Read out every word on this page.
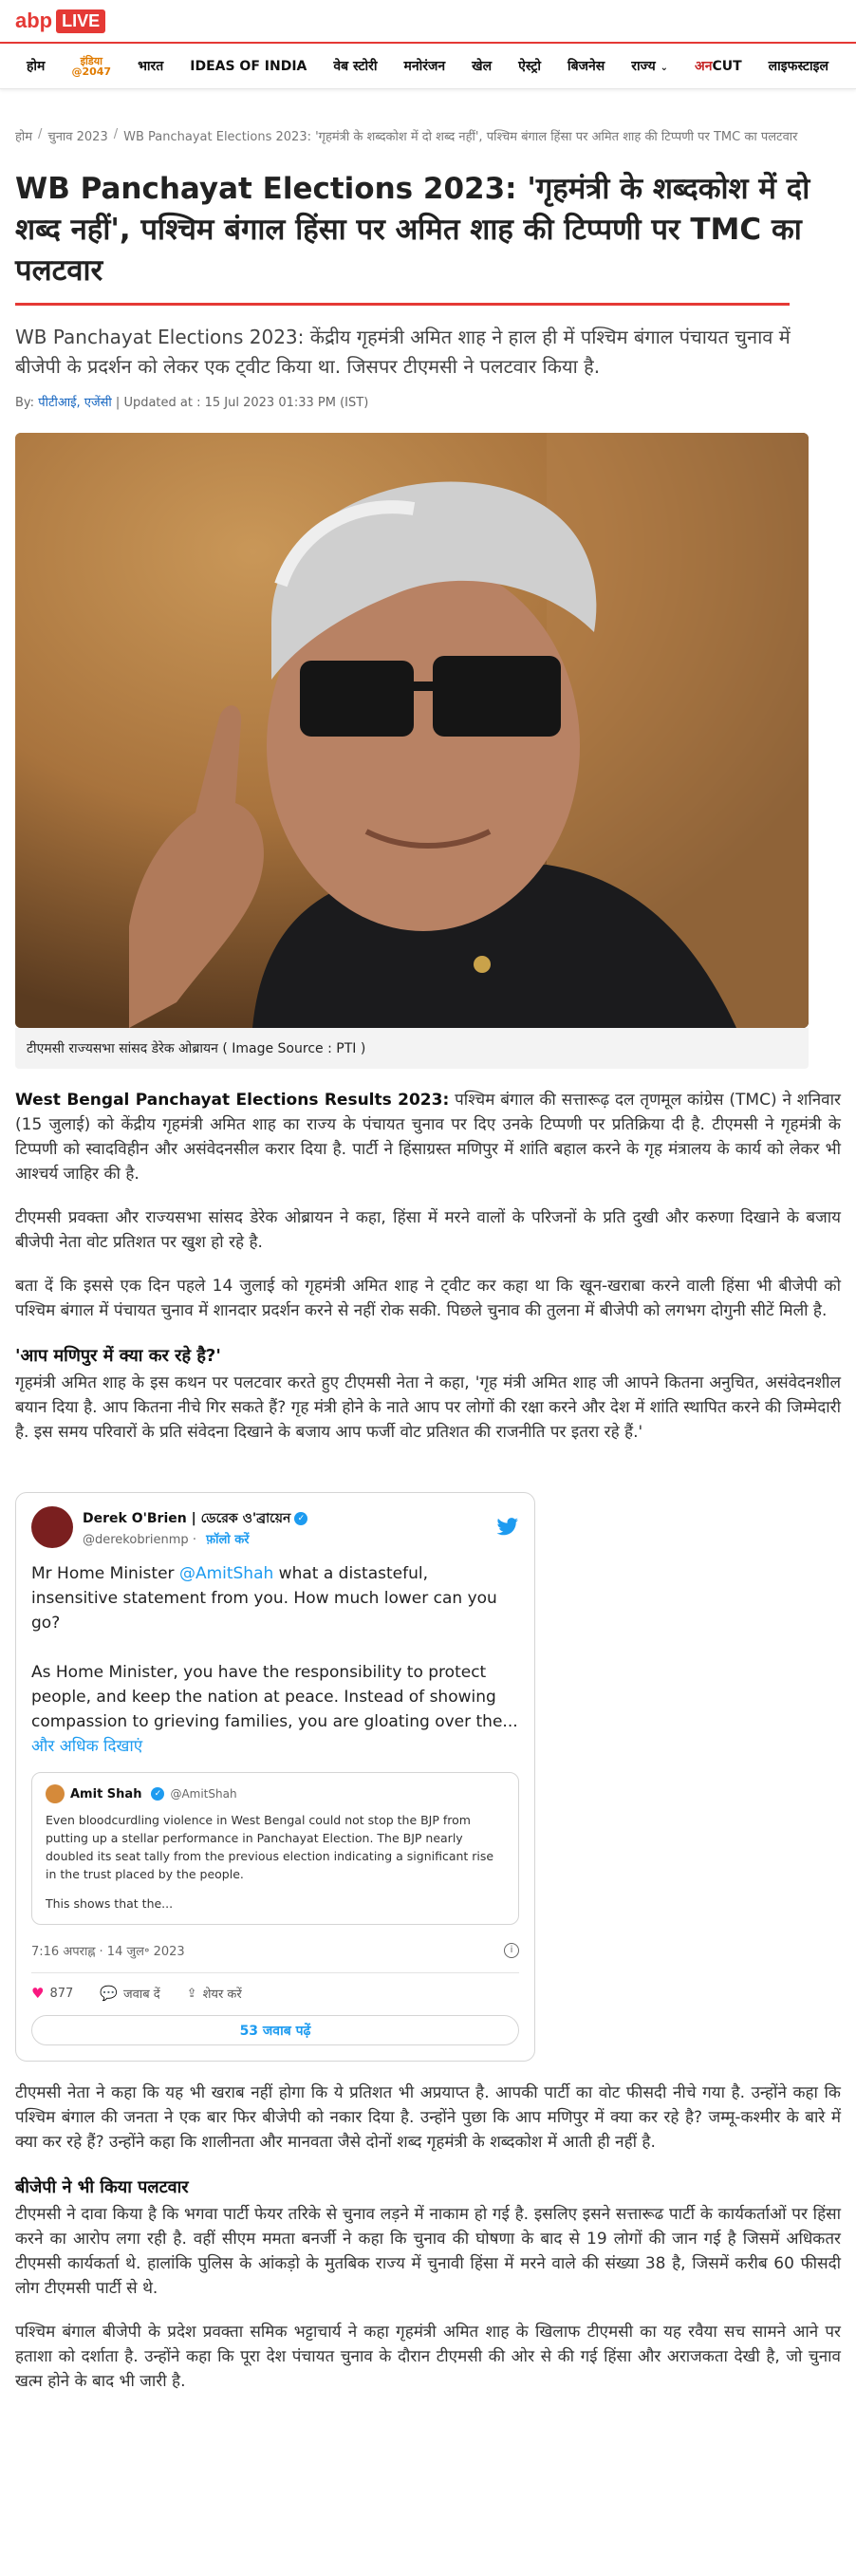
abp LIVE
होम	इंडिया
@2047 भारत IDEAS OF INDIA वेब स्टोरी मनोरंजन खेल ऐस्ट्रो बिजनेस राज्य ⌄ अनCUT लाइफस्टाइल
होम / चुनाव 2023 / WB Panchayat Elections 2023: 'गृहमंत्री के शब्दकोश में दो शब्द नहीं', पश्चिम बंगाल हिंसा पर अमित शाह की टिप्पणी पर TMC का पलटवार
WB Panchayat Elections 2023: 'गृहमंत्री के शब्दकोश में दो शब्द नहीं', पश्चिम बंगाल हिंसा पर अमित शाह की टिप्पणी पर TMC का पलटवार

WB Panchayat Elections 2023: केंद्रीय गृहमंत्री अमित शाह ने हाल ही में पश्चिम बंगाल पंचायत चुनाव में बीजेपी के प्रदर्शन को लेकर एक ट्वीट किया था. जिसपर टीएमसी ने पलटवार किया है.

By: पीटीआई, एजेंसी | Updated at : 15 Jul 2023 01:33 PM (IST)
टीएमसी राज्यसभा सांसद डेरेक ओब्रायन ( Image Source : PTI )

West Bengal Panchayat Elections Results 2023: पश्चिम बंगाल की सत्तारूढ़ दल तृणमूल कांग्रेस (TMC) ने शनिवार (15 जुलाई) को केंद्रीय गृहमंत्री अमित शाह का राज्य के पंचायत चुनाव पर दिए उनके टिप्पणी पर प्रतिक्रिया दी है. टीएमसी ने गृहमंत्री के टिप्पणी को स्वादविहीन और असंवेदनसील करार दिया है. पार्टी ने हिंसाग्रस्त मणिपुर में शांति बहाल करने के गृह मंत्रालय के कार्य को लेकर भी आश्चर्य जाहिर की है.

टीएमसी प्रवक्ता और राज्यसभा सांसद डेरेक ओब्रायन ने कहा, हिंसा में मरने वालों के परिजनों के प्रति दुखी और करुणा दिखाने के बजाय बीजेपी नेता वोट प्रतिशत पर खुश हो रहे है.

बता दें कि इससे एक दिन पहले 14 जुलाई को गृहमंत्री अमित शाह ने ट्वीट कर कहा था कि खून-खराबा करने वाली हिंसा भी बीजेपी को पश्चिम बंगाल में पंचायत चुनाव में शानदार प्रदर्शन करने से नहीं रोक सकी. पिछले चुनाव की तुलना में बीजेपी को लगभग दोगुनी सीटें मिली है.

'आप मणिपुर में क्या कर रहे है?'

गृहमंत्री अमित शाह के इस कथन पर पलटवार करते हुए टीएमसी नेता ने कहा, 'गृह मंत्री अमित शाह जी आपने कितना अनुचित, असंवेदनशील बयान दिया है. आप कितना नीचे गिर सकते हैं? गृह मंत्री होने के नाते आप पर लोगों की रक्षा करने और देश में शांति स्थापित करने की जिम्मेदारी है. इस समय परिवारों के प्रति संवेदना दिखाने के बजाय आप फर्जी वोट प्रतिशत की राजनीति पर इतरा रहे हैं.'

Derek O'Brien | ডেরেক ও'ব্রায়েন ✓
@derekobrienmp · फ़ॉलो करें
Mr Home Minister @AmitShah what a distasteful, insensitive statement from you. How much lower can you go?

As Home Minister, you have the responsibility to protect people, and keep the nation at peace. Instead of showing compassion to grieving families, you are gloating over the... और अधिक दिखाएं
Amit Shah	✓ @AmitShah
Even bloodcurdling violence in West Bengal could not stop the BJP from putting up a stellar performance in Panchayat Election. The BJP nearly doubled its seat tally from the previous election indicating a significant rise in the trust placed by the people.
This shows that the...
7:16 अपराह्न · 14 जुल॰ 2023	i
♥ 877 💬 जवाब दें ⇪ शेयर करें
53 जवाब पढ़ें

टीएमसी नेता ने कहा कि यह भी खराब नहीं होगा कि ये प्रतिशत भी अप्रयाप्त है. आपकी पार्टी का वोट फीसदी नीचे गया है. उन्होंने कहा कि पश्चिम बंगाल की जनता ने एक बार फिर बीजेपी को नकार दिया है. उन्होंने पुछा कि आप मणिपुर में क्या कर रहे है? जम्मू-कश्मीर के बारे में क्या कर रहे हैं? उन्होंने कहा कि शालीनता और मानवता जैसे दोनों शब्द गृहमंत्री के शब्दकोश में आती ही नहीं है.

बीजेपी ने भी किया पलटवार

टीएमसी ने दावा किया है कि भगवा पार्टी फेयर तरिके से चुनाव लड़ने में नाकाम हो गई है. इसलिए इसने सत्तारूढ पार्टी के कार्यकर्ताओं पर हिंसा करने का आरोप लगा रही है. वहीं सीएम ममता बनर्जी ने कहा कि चुनाव की घोषणा के बाद से 19 लोगों की जान गई है जिसमें अधिकतर टीएमसी कार्यकर्ता थे. हालांकि पुलिस के आंकड़ो के मुतबिक राज्य में चुनावी हिंसा में मरने वाले की संख्या 38 है, जिसमें करीब 60 फीसदी लोग टीएमसी पार्टी से थे.

पश्चिम बंगाल बीजेपी के प्रदेश प्रवक्ता समिक भट्टाचार्य ने कहा गृहमंत्री अमित शाह के खिलाफ टीएमसी का यह रवैया सच सामने आने पर हताशा को दर्शाता है. उन्होंने कहा कि पूरा देश पंचायत चुनाव के दौरान टीएमसी की ओर से की गई हिंसा और अराजकता देखी है, जो चुनाव खत्म होने के बाद भी जारी है.
